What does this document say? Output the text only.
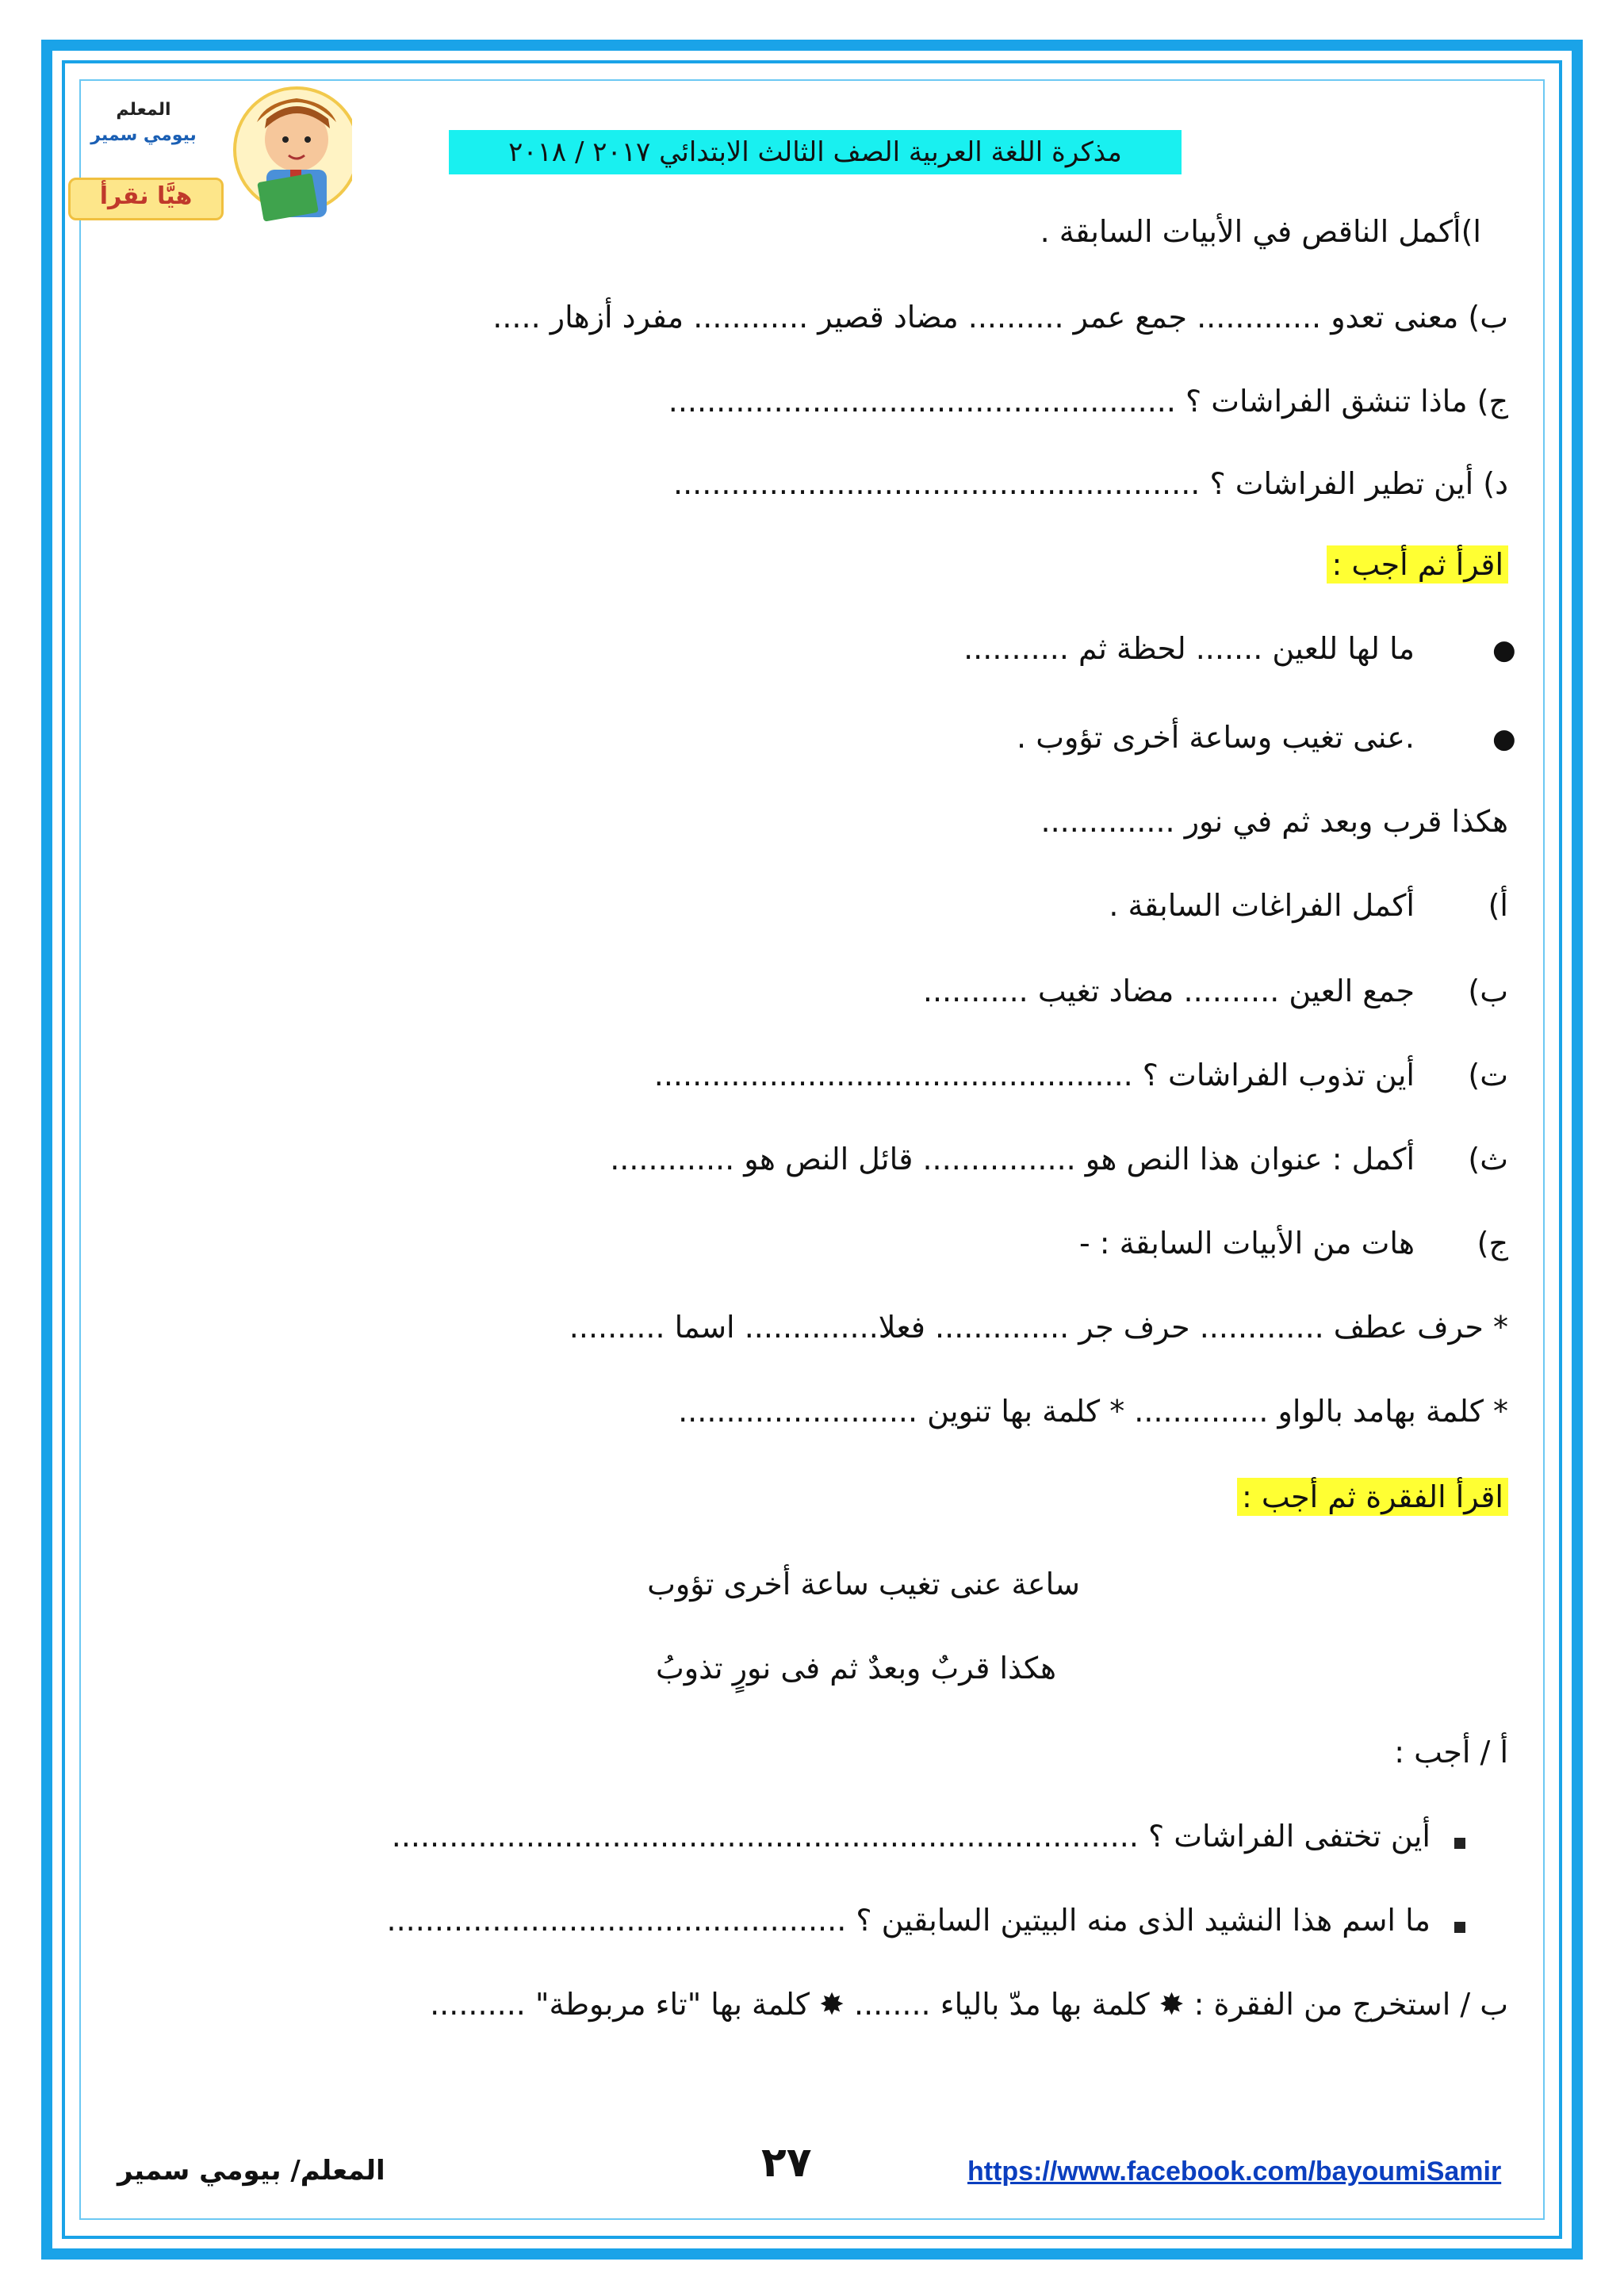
المعلم
بيومي سمير
هيَّا نقرأ
مذكرة اللغة العربية الصف الثالث الابتدائي ٢٠١٧ / ٢٠١٨
ا)أكمل الناقص في الأبيات السابقة .
ب) معنى تعدو ............. جمع عمر .......... مضاد قصير ............ مفرد أزهار .....
ج) ماذا تنشق الفراشات ؟ .....................................................
د) أين تطير الفراشات ؟ .......................................................
اقرأ ثم أجب :
●
ما لها للعين ....... لحظة ثم ...........
●
.عنى تغيب وساعة أخرى تؤوب .
هكذا قرب وبعد ثم في نور ..............
أ)
أكمل الفراغات السابقة .
ب)
جمع العين .......... مضاد تغيب ...........
ت)
أين تذوب الفراشات ؟ ..................................................
ث)
أكمل : عنوان هذا النص هو ................ قائل النص هو .............
ج)
هات من الأبيات السابقة : -
* حرف عطف ............. حرف جر .............. فعلا.............. اسما ..........
* كلمة بهامد بالواو .............. * كلمة بها تنوين .........................
اقرأ الفقرة ثم أجب :
ساعة عنى تغيب ساعة أخرى تؤوب
هكذا قربٌ وبعدٌ ثم فى نورٍ تذوبُ
أ / أجب :
أين تختفى الفراشات ؟ ..............................................................................
ما اسم هذا النشيد الذى منه البيتين السابقين ؟ ................................................
ب / استخرج من الفقرة : ✸ كلمة بها مدّ بالياء ........ ✸ كلمة بها "تاء مربوطة" ..........
https://www.facebook.com/bayoumiSamir
٢٧
المعلم/ بيومي سمير
